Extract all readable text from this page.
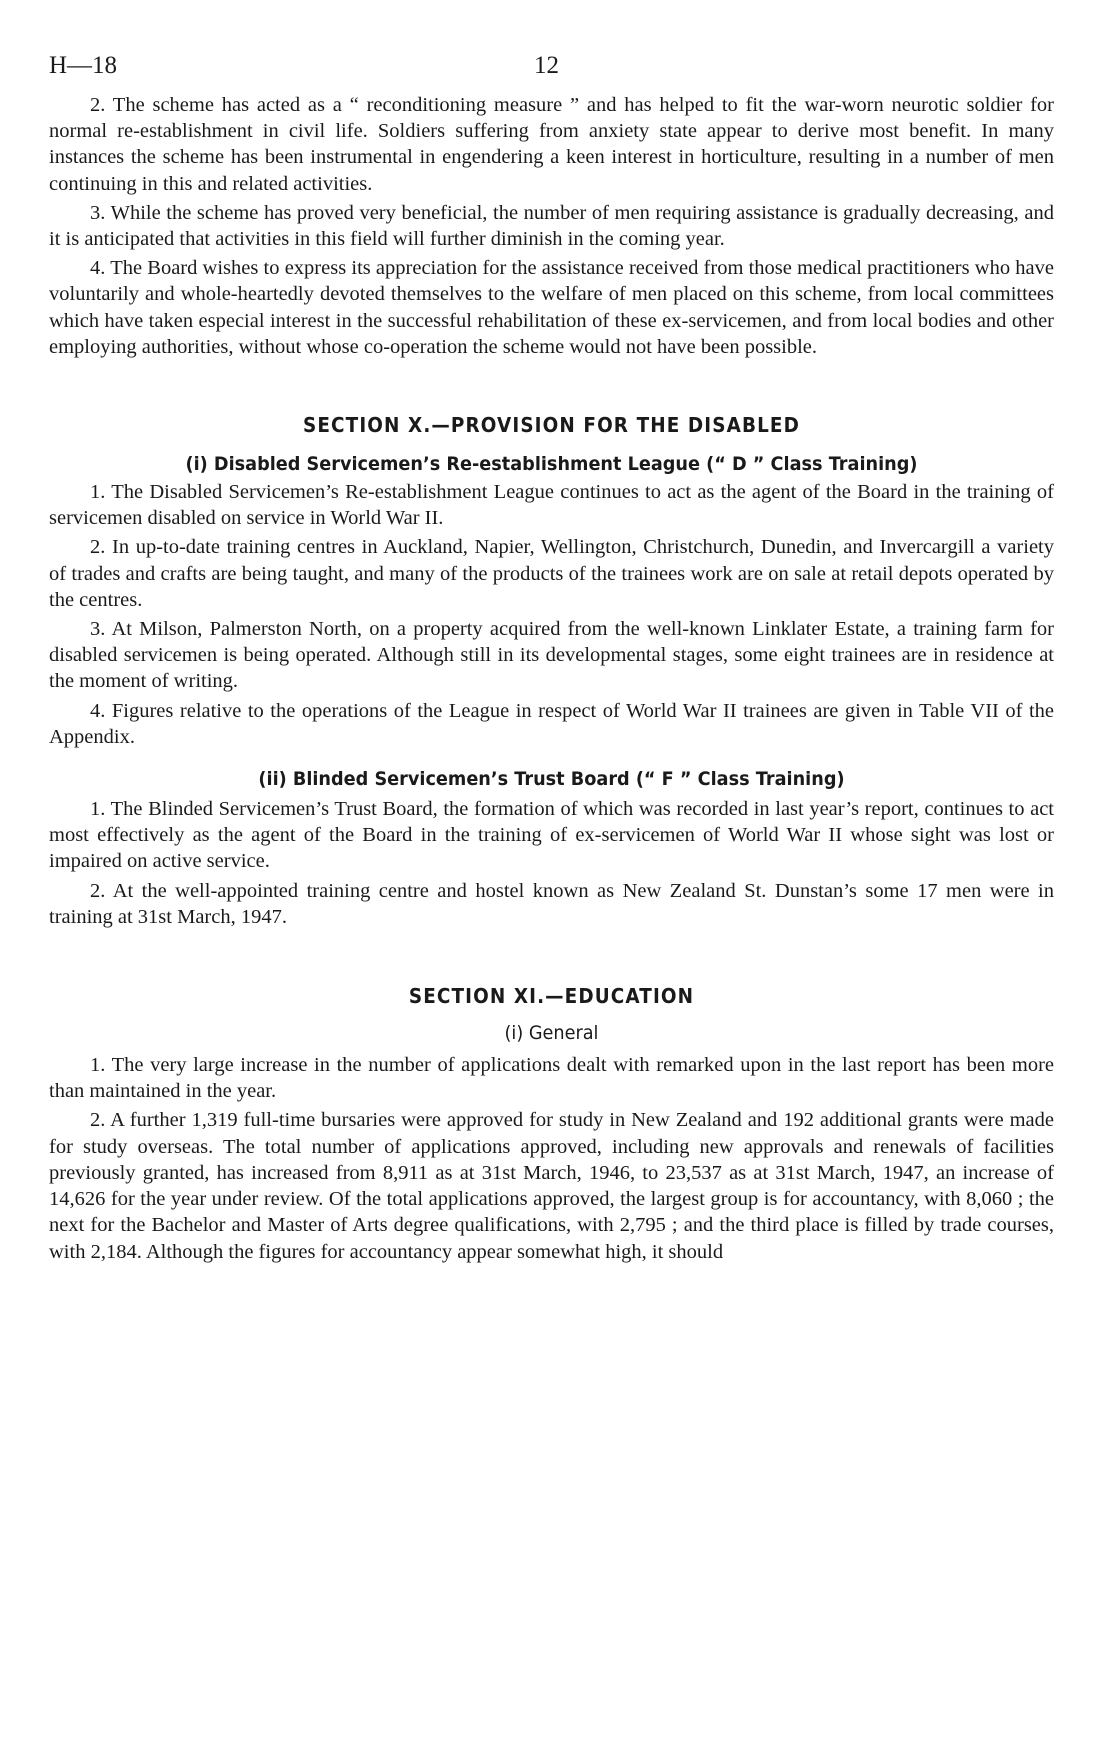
H—18	12

2. The scheme has acted as a “ reconditioning measure ” and has helped to fit the war-worn neurotic soldier for normal re-establishment in civil life. Soldiers suffering from anxiety state appear to derive most benefit. In many instances the scheme has been instrumental in engendering a keen interest in horticulture, resulting in a number of men continuing in this and related activities.

3. While the scheme has proved very beneficial, the number of men requiring assistance is gradually decreasing, and it is anticipated that activities in this field will further diminish in the coming year.

4. The Board wishes to express its appreciation for the assistance received from those medical practitioners who have voluntarily and whole-heartedly devoted themselves to the welfare of men placed on this scheme, from local committees which have taken especial interest in the successful rehabilitation of these ex-servicemen, and from local bodies and other employing authorities, without whose co-operation the scheme would not have been possible.

SECTION X.—PROVISION FOR THE DISABLED
(i) Disabled Servicemen’s Re-establishment League (“ D ” Class Training)

1. The Disabled Servicemen’s Re-establishment League continues to act as the agent of the Board in the training of servicemen disabled on service in World War II.

2. In up-to-date training centres in Auckland, Napier, Wellington, Christchurch, Dunedin, and Invercargill a variety of trades and crafts are being taught, and many of the products of the trainees work are on sale at retail depots operated by the centres.

3. At Milson, Palmerston North, on a property acquired from the well-known Linklater Estate, a training farm for disabled servicemen is being operated. Although still in its developmental stages, some eight trainees are in residence at the moment of writing.

4. Figures relative to the operations of the League in respect of World War II trainees are given in Table VII of the Appendix.

(ii) Blinded Servicemen’s Trust Board (“ F ” Class Training)

1. The Blinded Servicemen’s Trust Board, the formation of which was recorded in last year’s report, continues to act most effectively as the agent of the Board in the training of ex-servicemen of World War II whose sight was lost or impaired on active service.

2. At the well-appointed training centre and hostel known as New Zealand St. Dunstan’s some 17 men were in training at 31st March, 1947.

SECTION XI.—EDUCATION
(i) General

1. The very large increase in the number of applications dealt with remarked upon in the last report has been more than maintained in the year.

2. A further 1,319 full-time bursaries were approved for study in New Zealand and 192 additional grants were made for study overseas. The total number of applications approved, including new approvals and renewals of facilities previously granted, has increased from 8,911 as at 31st March, 1946, to 23,537 as at 31st March, 1947, an increase of 14,626 for the year under review. Of the total applications approved, the largest group is for accountancy, with 8,060 ; the next for the Bachelor and Master of Arts degree qualifications, with 2,795 ; and the third place is filled by trade courses, with 2,184. Although the figures for accountancy appear somewhat high, it should
